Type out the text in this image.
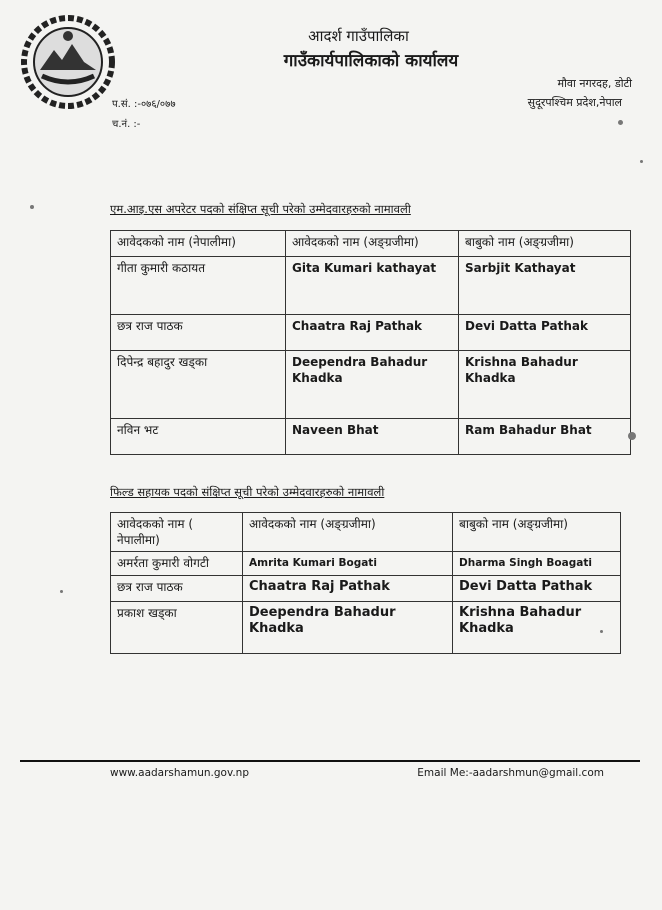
आदर्श गाउँपालिका
गाउँकार्यपालिकाको कार्यालय
मौवा नगरदह, डोटी
सुदूरपश्चिम प्रदेश,नेपाल
प.सं. :-०७६/०७७
च.नं. :-
एम.आइ.एस अपरेटर पदको संक्षिप्त सूची परेको उम्मेदवारहरुको नामावली
आवेदकको नाम (नेपालीमा)	आवेदकको नाम (अङ्ग्रजीमा)	बाबुको नाम (अङ्ग्रजीमा)
गीता कुमारी कठायत	Gita Kumari kathayat	Sarbjit Kathayat
छत्र राज पाठक	Chaatra Raj Pathak	Devi Datta Pathak
दिपेन्द्र बहादुर खड्का	Deependra Bahadur Khadka	Krishna Bahadur Khadka
नविन भट	Naveen Bhat	Ram Bahadur Bhat
फिल्ड सहायक पदको संक्षिप्त सूची परेको उम्मेदवारहरुको नामावली
आवेदकको नाम ( नेपालीमा)	आवेदकको नाम (अङ्ग्रजीमा)	बाबुको नाम (अङ्ग्रजीमा)
अमर्रता कुमारी वोगटी	Amrita Kumari Bogati	Dharma Singh Boagati
छत्र राज पाठक	Chaatra Raj Pathak	Devi Datta Pathak
प्रकाश खड्का	Deependra Bahadur Khadka	Krishna Bahadur Khadka
www.aadarshamun.gov.np	Email Me:-aadarshmun@gmail.com
